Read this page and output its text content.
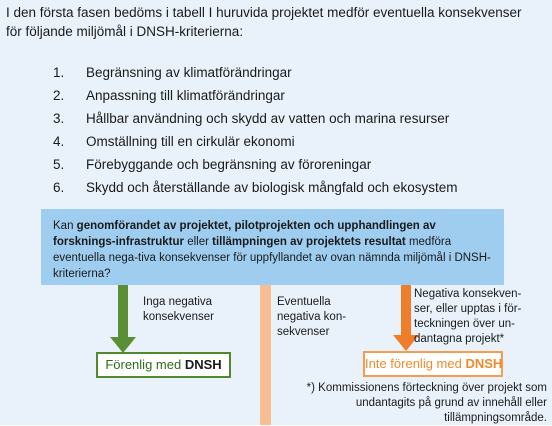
I den första fasen bedöms i tabell I huruvida projektet medför eventuella konsekvenser för följande miljömål i DNSH-kriterierna:
1. Begränsning av klimatförändringar
2. Anpassning till klimatförändringar
3. Hållbar användning och skydd av vatten och marina resurser
4. Omställning till en cirkulär ekonomi
5. Förebyggande och begränsning av föroreningar
6. Skydd och återställande av biologisk mångfald och ekosystem
Kan genomförandet av projektet, pilotprojekten och upphandlingen av forsknings-infrastruktur eller tillämpningen av projektets resultat medföra eventuella nega-tiva konsekvenser för uppfyllandet av ovan nämnda miljömål i DNSH-kriterierna?
Inga negativa
konsekvenser
Eventuella
negativa kon-
sekvenser
Negativa konsekven-
ser, eller upptas i för-
teckningen över un-
dantagna projekt*
Förenlig med DNSH	Inte förenlig med DNSH
*) Kommissionens förteckning över projekt som undantagits på grund av innehåll eller tillämpningsområde.
